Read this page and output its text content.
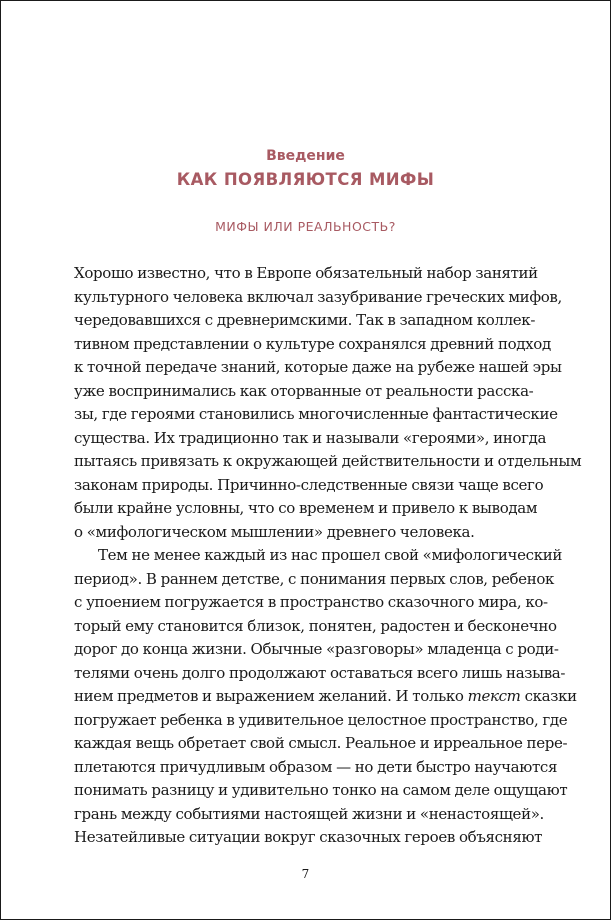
Введение
КАК ПОЯВЛЯЮТСЯ МИФЫ
МИФЫ ИЛИ РЕАЛЬНОСТЬ?

Хорошо известно, что в Европе обязательный набор занятий
культурного человека включал зазубривание греческих мифов,
чередовавшихся с древнеримскими. Так в западном коллек-
тивном представлении о культуре сохранялся древний подход
к точной передаче знаний, которые даже на рубеже нашей эры
уже воспринимались как оторванные от реальности расска-
зы, где героями становились многочисленные фантастические
существа. Их традиционно так и называли «героями», иногда
пытаясь привязать к окружающей действительности и отдельным
законам природы. Причинно-следственные связи чаще всего
были крайне условны, что со временем и привело к выводам
о «мифологическом мышлении» древнего человека.

Тем не менее каждый из нас прошел свой «мифологический
период». В раннем детстве, с понимания первых слов, ребенок
с упоением погружается в пространство сказочного мира, ко-
торый ему становится близок, понятен, радостен и бесконечно
дорог до конца жизни. Обычные «разговоры» младенца с роди-
телями очень долго продолжают оставаться всего лишь называ-
нием предметов и выражением желаний. И только текст сказки
погружает ребенка в удивительное целостное пространство, где
каждая вещь обретает свой смысл. Реальное и ирреальное пере-
плетаются причудливым образом — но дети быстро научаются
понимать разницу и удивительно тонко на самом деле ощущают
грань между событиями настоящей жизни и «ненастоящей».
Незатейливые ситуации вокруг сказочных героев объясняют

7
